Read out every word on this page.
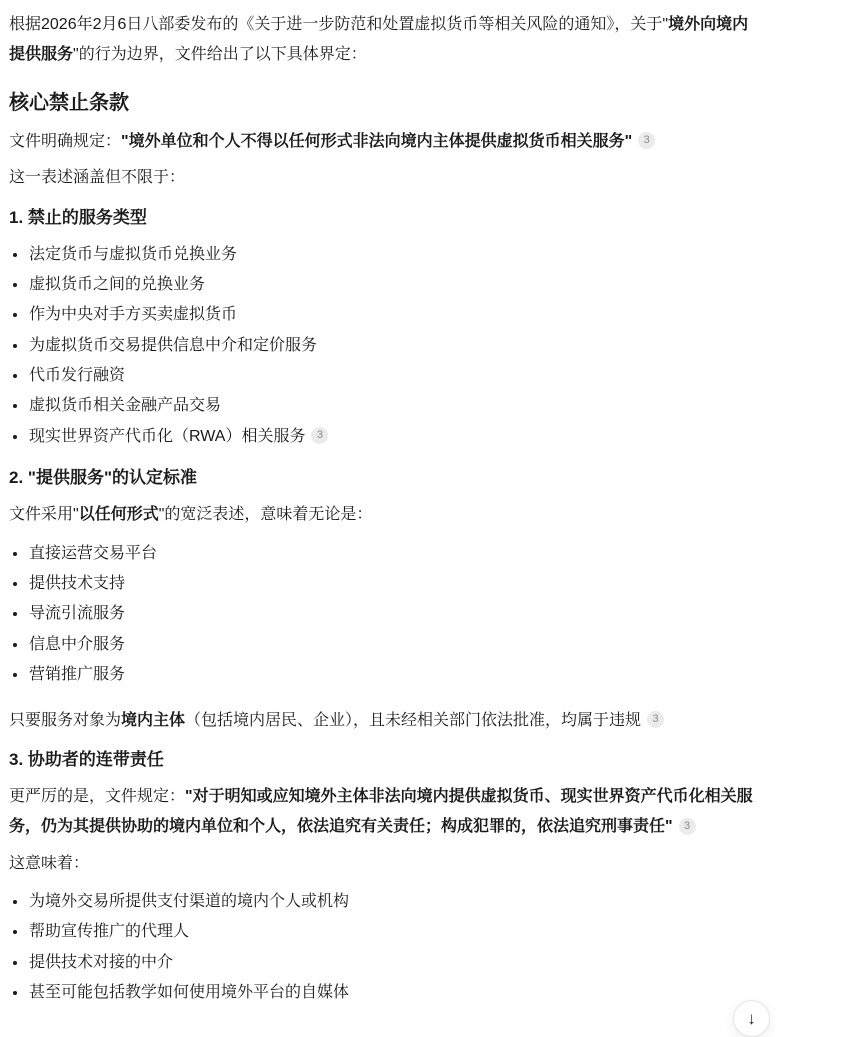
根据2026年2月6日八部委发布的《关于进一步防范和处置虚拟货币等相关风险的通知》，关于"境外向境内提供服务"的行为边界，文件给出了以下具体界定：

核心禁止条款

文件明确规定："境外单位和个人不得以任何形式非法向境内主体提供虚拟货币相关服务" 3

这一表述涵盖但不限于：

1. 禁止的服务类型
• 法定货币与虚拟货币兑换业务
• 虚拟货币之间的兑换业务
• 作为中央对手方买卖虚拟货币
• 为虚拟货币交易提供信息中介和定价服务
• 代币发行融资
• 虚拟货币相关金融产品交易
• 现实世界资产代币化（RWA）相关服务 3
2. "提供服务"的认定标准

文件采用"以任何形式"的宽泛表述，意味着无论是：

• 直接运营交易平台
• 提供技术支持
• 导流引流服务
• 信息中介服务
• 营销推广服务

只要服务对象为境内主体（包括境内居民、企业），且未经相关部门依法批准，均属于违规 3

3. 协助者的连带责任

更严厉的是，文件规定："对于明知或应知境外主体非法向境内提供虚拟货币、现实世界资产代币化相关服务，仍为其提供协助的境内单位和个人，依法追究有关责任；构成犯罪的，依法追究刑事责任" 3

这意味着：

• 为境外交易所提供支付渠道的境内个人或机构
• 帮助宣传推广的代理人
• 提供技术对接的中介
• 甚至可能包括教学如何使用境外平台的自媒体
↓
